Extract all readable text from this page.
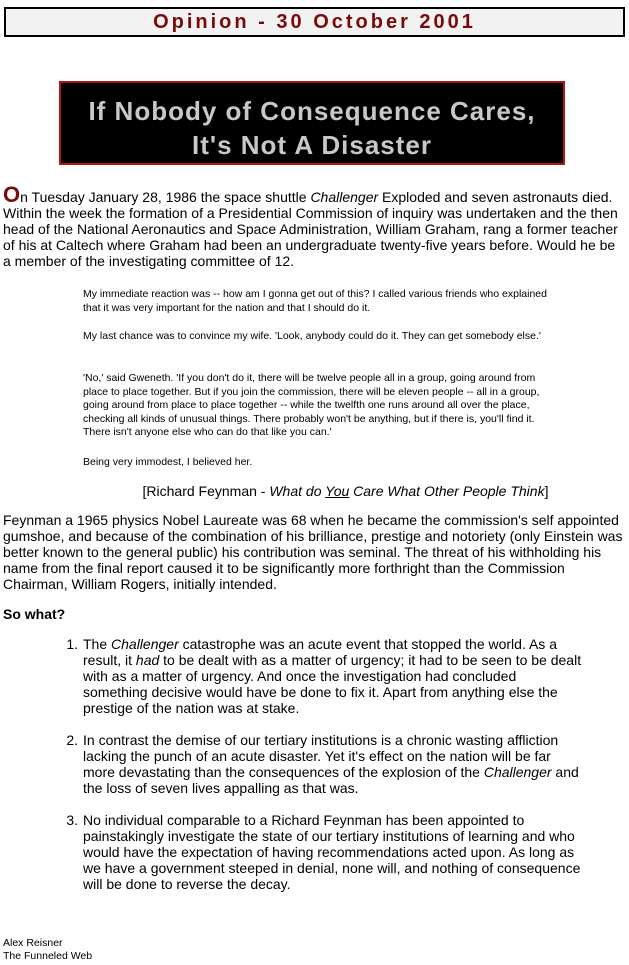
Opinion - 30 October 2001
If Nobody of Consequence Cares,
It's Not A Disaster

On Tuesday January 28, 1986 the space shuttle Challenger Exploded and seven astronauts died. Within the week the formation of a Presidential Commission of inquiry was undertaken and the then head of the National Aeronautics and Space Administration, William Graham, rang a former teacher of his at Caltech where Graham had been an undergraduate twenty-five years before. Would he be a member of the investigating committee of 12.

My immediate reaction was -- how am I gonna get out of this? I called various friends who explained that it was very important for the nation and that I should do it.

My last chance was to convince my wife. 'Look, anybody could do it. They can get somebody else.'

'No,' said Gweneth. 'If you don't do it, there will be twelve people all in a group, going around from place to place together. But if you join the commission, there will be eleven people -- all in a group, going around from place to place together -- while the twelfth one runs around all over the place, checking all kinds of unusual things. There probably won't be anything, but if there is, you'll find it. There isn't anyone else who can do that like you can.'

Being very immodest, I believed her.

[Richard Feynman - What do You Care What Other People Think]

Feynman a 1965 physics Nobel Laureate was 68 when he became the commission's self appointed gumshoe, and because of the combination of his brilliance, prestige and notoriety (only Einstein was better known to the general public) his contribution was seminal. The threat of his withholding his name from the final report caused it to be significantly more forthright than the Commission Chairman, William Rogers, initially intended.

So what?

1. The Challenger catastrophe was an acute event that stopped the world. As a result, it had to be dealt with as a matter of urgency; it had to be seen to be dealt with as a matter of urgency. And once the investigation had concluded something decisive would have be done to fix it. Apart from anything else the prestige of the nation was at stake.
2. In contrast the demise of our tertiary institutions is a chronic wasting affliction lacking the punch of an acute disaster. Yet it's effect on the nation will be far more devastating than the consequences of the explosion of the Challenger and the loss of seven lives appalling as that was.
3. No individual comparable to a Richard Feynman has been appointed to painstakingly investigate the state of our tertiary institutions of learning and who would have the expectation of having recommendations acted upon. As long as we have a government steeped in denial, none will, and nothing of consequence will be done to reverse the decay.
Alex Reisner
The Funneled Web
